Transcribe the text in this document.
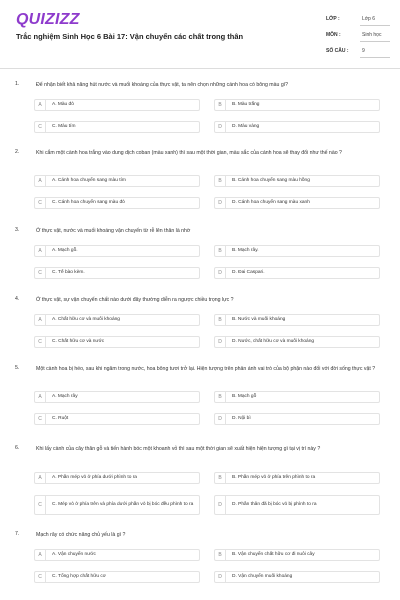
QUIZIZZ
Trắc nghiệm Sinh Học 6 Bài 17: Vận chuyển các chất trong thân
LỚP :	Lớp 6
MÔN :	Sinh học
SỐ CÂU :	9
1.	Để nhận biết khả năng hút nước và muối khoáng của thực vật, ta nên chọn những cánh hoa có bông màu gì?
A	A. Màu đỏ	B	B. Màu trắng
C	C. Màu tím	D	D. Màu vàng
2.	Khi cắm một cành hoa trắng vào dung dịch coban (màu xanh) thì sau một thời gian, màu sắc của cánh hoa sẽ thay đổi như thế nào ?
A	A. Cánh hoa chuyển sang màu tím	B	B. Cánh hoa chuyển sang màu hồng
C	C. Cánh hoa chuyển sang màu đỏ	D	D. Cánh hoa chuyển sang màu xanh
3.	Ở thực vật, nước và muối khoáng vận chuyển từ rễ lên thân là nhờ
A	A. Mạch gỗ.	B	B. Mạch rây.
C	C. Tế bào kèm.	D	D. Đai Caspari.
4.	Ở thực vật, sự vận chuyển chất nào dưới đây thường diễn ra ngược chiều trọng lực ?
A	A. Chất hữu cơ và muối khoáng	B	B. Nước và muối khoáng
C	C. Chất hữu cơ và nước	D	D. Nước, chất hữu cơ và muối khoáng
5.	Một cành hoa bị héo, sau khi ngâm trong nước, hoa bông tươi trở lại. Hiện tượng trên phản ánh vai trò của bộ phận nào đối với đời sống thực vật ?
A	A. Mạch rây	B	B. Mạch gỗ
C	C. Ruột	D	D. Nội bì
6.	Khi lấy cành của cây thân gỗ và tiến hành bóc một khoanh vỏ thì sau một thời gian sẽ xuất hiện hiện tượng gì tại vị trí này ?
A	A. Phần mép vỏ ở phía dưới phình to ra	B	B. Phần mép vỏ ở phía trên phình to ra
C	C. Mép vỏ ở phía trên và phía dưới phần vỏ bị bóc đều phình to ra	D	D. Phần thân đã bị bóc vỏ bị phình to ra
7.	Mạch rây có chức năng chủ yếu là gì ?
A	A. Vận chuyển nước	B	B. Vận chuyển chất hữu cơ đi nuôi cây
C	C. Tổng hợp chất hữu cơ	D	D. Vận chuyển muối khoáng
